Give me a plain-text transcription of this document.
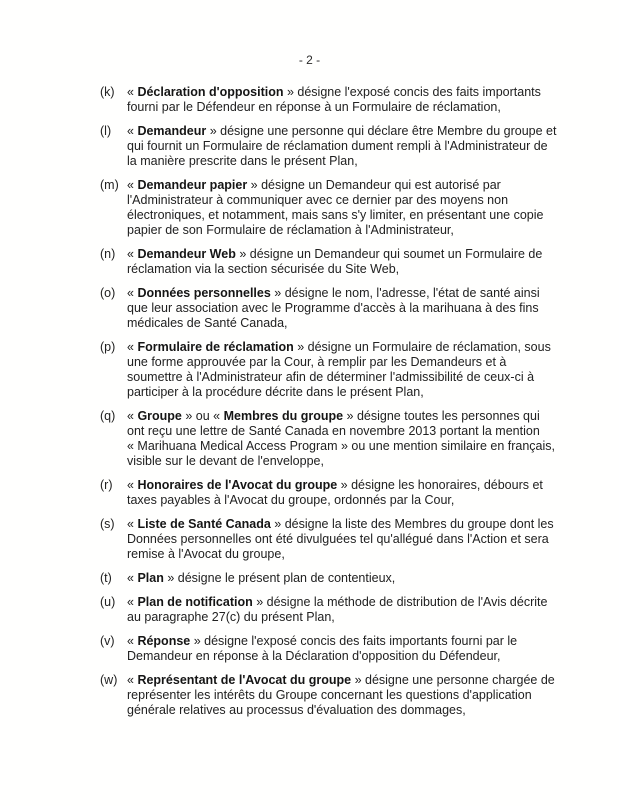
- 2 -
(k) « Déclaration d'opposition » désigne l'exposé concis des faits importants
fourni par le Défendeur en réponse à un Formulaire de réclamation,
(l)	« Demandeur » désigne une personne qui déclare être Membre du groupe et
qui fournit un Formulaire de réclamation dument rempli à l'Administrateur de
la manière prescrite dans le présent Plan,
(m) « Demandeur papier » désigne un Demandeur qui est autorisé par
l'Administrateur à communiquer avec ce dernier par des moyens non
électroniques, et notamment, mais sans s'y limiter, en présentant une copie
papier de son Formulaire de réclamation à l'Administrateur,
(n) « Demandeur Web » désigne un Demandeur qui soumet un Formulaire de
réclamation via la section sécurisée du Site Web,
(o) « Données personnelles » désigne le nom, l'adresse, l'état de santé ainsi
que leur association avec le Programme d'accès à la marihuana à des fins
médicales de Santé Canada,
(p) « Formulaire de réclamation » désigne un Formulaire de réclamation, sous
une forme approuvée par la Cour, à remplir par les Demandeurs et à
soumettre à l'Administrateur afin de déterminer l'admissibilité de ceux-ci à
participer à la procédure décrite dans le présent Plan,
(q) « Groupe » ou « Membres du groupe » désigne toutes les personnes qui
ont reçu une lettre de Santé Canada en novembre 2013 portant la mention
« Marihuana Medical Access Program » ou une mention similaire en français,
visible sur le devant de l'enveloppe,
(r)	« Honoraires de l'Avocat du groupe » désigne les honoraires, débours et
taxes payables à l'Avocat du groupe, ordonnés par la Cour,
(s) « Liste de Santé Canada » désigne la liste des Membres du groupe dont les
Données personnelles ont été divulguées tel qu'allégué dans l'Action et sera
remise à l'Avocat du groupe,
(t)	« Plan » désigne le présent plan de contentieux,
(u) « Plan de notification » désigne la méthode de distribution de l'Avis décrite
au paragraphe 27(c) du présent Plan,
(v) « Réponse » désigne l'exposé concis des faits importants fourni par le
Demandeur en réponse à la Déclaration d'opposition du Défendeur,
(w) « Représentant de l'Avocat du groupe » désigne une personne chargée de
représenter les intérêts du Groupe concernant les questions d'application
générale relatives au processus d'évaluation des dommages,
